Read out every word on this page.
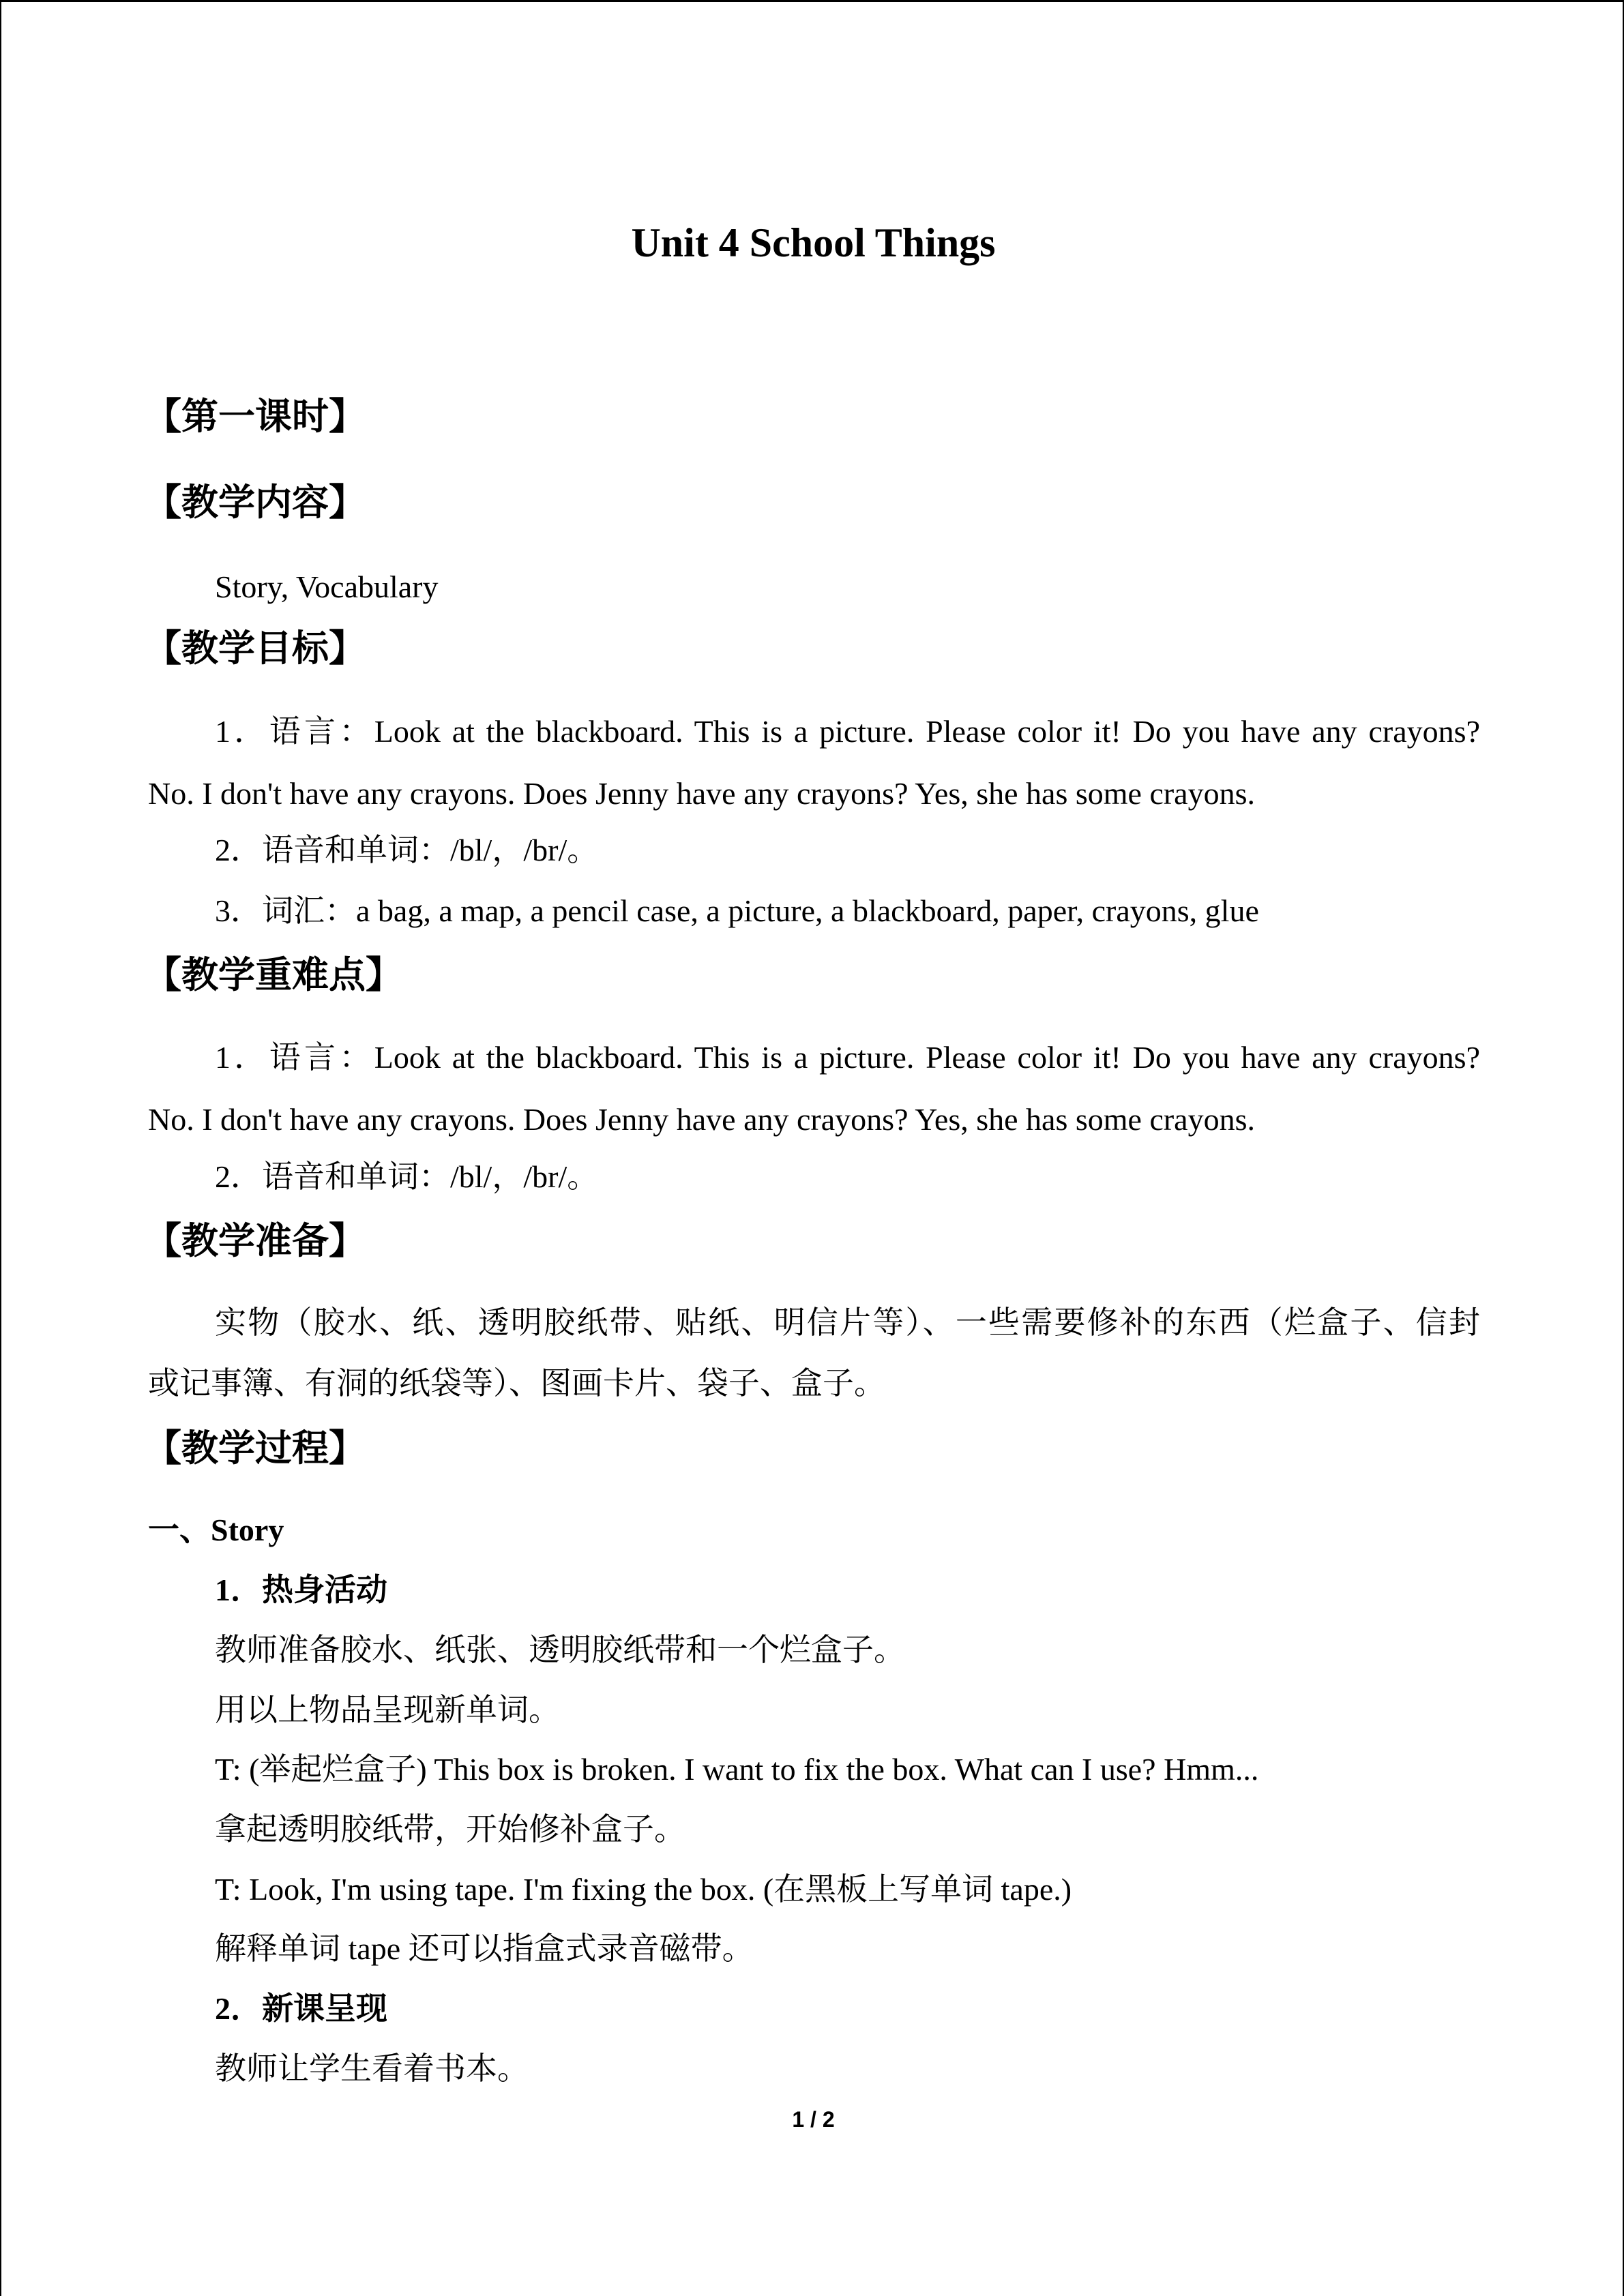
Unit 4 School Things
【第一课时】
【教学内容】
Story, Vocabulary
【教学目标】
1．语言：Look at the blackboard. This is a picture. Please color it! Do you have any crayons?
No. I don't have any crayons. Does Jenny have any crayons? Yes, she has some crayons.
2．语音和单词：/bl/，/br/。
3．词汇：a bag, a map, a pencil case, a picture, a blackboard, paper, crayons, glue
【教学重难点】
1．语言：Look at the blackboard. This is a picture. Please color it! Do you have any crayons?
No. I don't have any crayons. Does Jenny have any crayons? Yes, she has some crayons.
2．语音和单词：/bl/，/br/。
【教学准备】
实物（胶水、纸、透明胶纸带、贴纸、明信片等）、一些需要修补的东西（烂盒子、信封
或记事簿、有洞的纸袋等）、图画卡片、袋子、盒子。
【教学过程】
一、Story
1．热身活动
教师准备胶水、纸张、透明胶纸带和一个烂盒子。
用以上物品呈现新单词。
T: (举起烂盒子) This box is broken. I want to fix the box. What can I use? Hmm...
拿起透明胶纸带，开始修补盒子。
T: Look, I'm using tape. I'm fixing the box. (在黑板上写单词 tape.)
解释单词 tape 还可以指盒式录音磁带。
2．新课呈现
教师让学生看着书本。
1 / 2
